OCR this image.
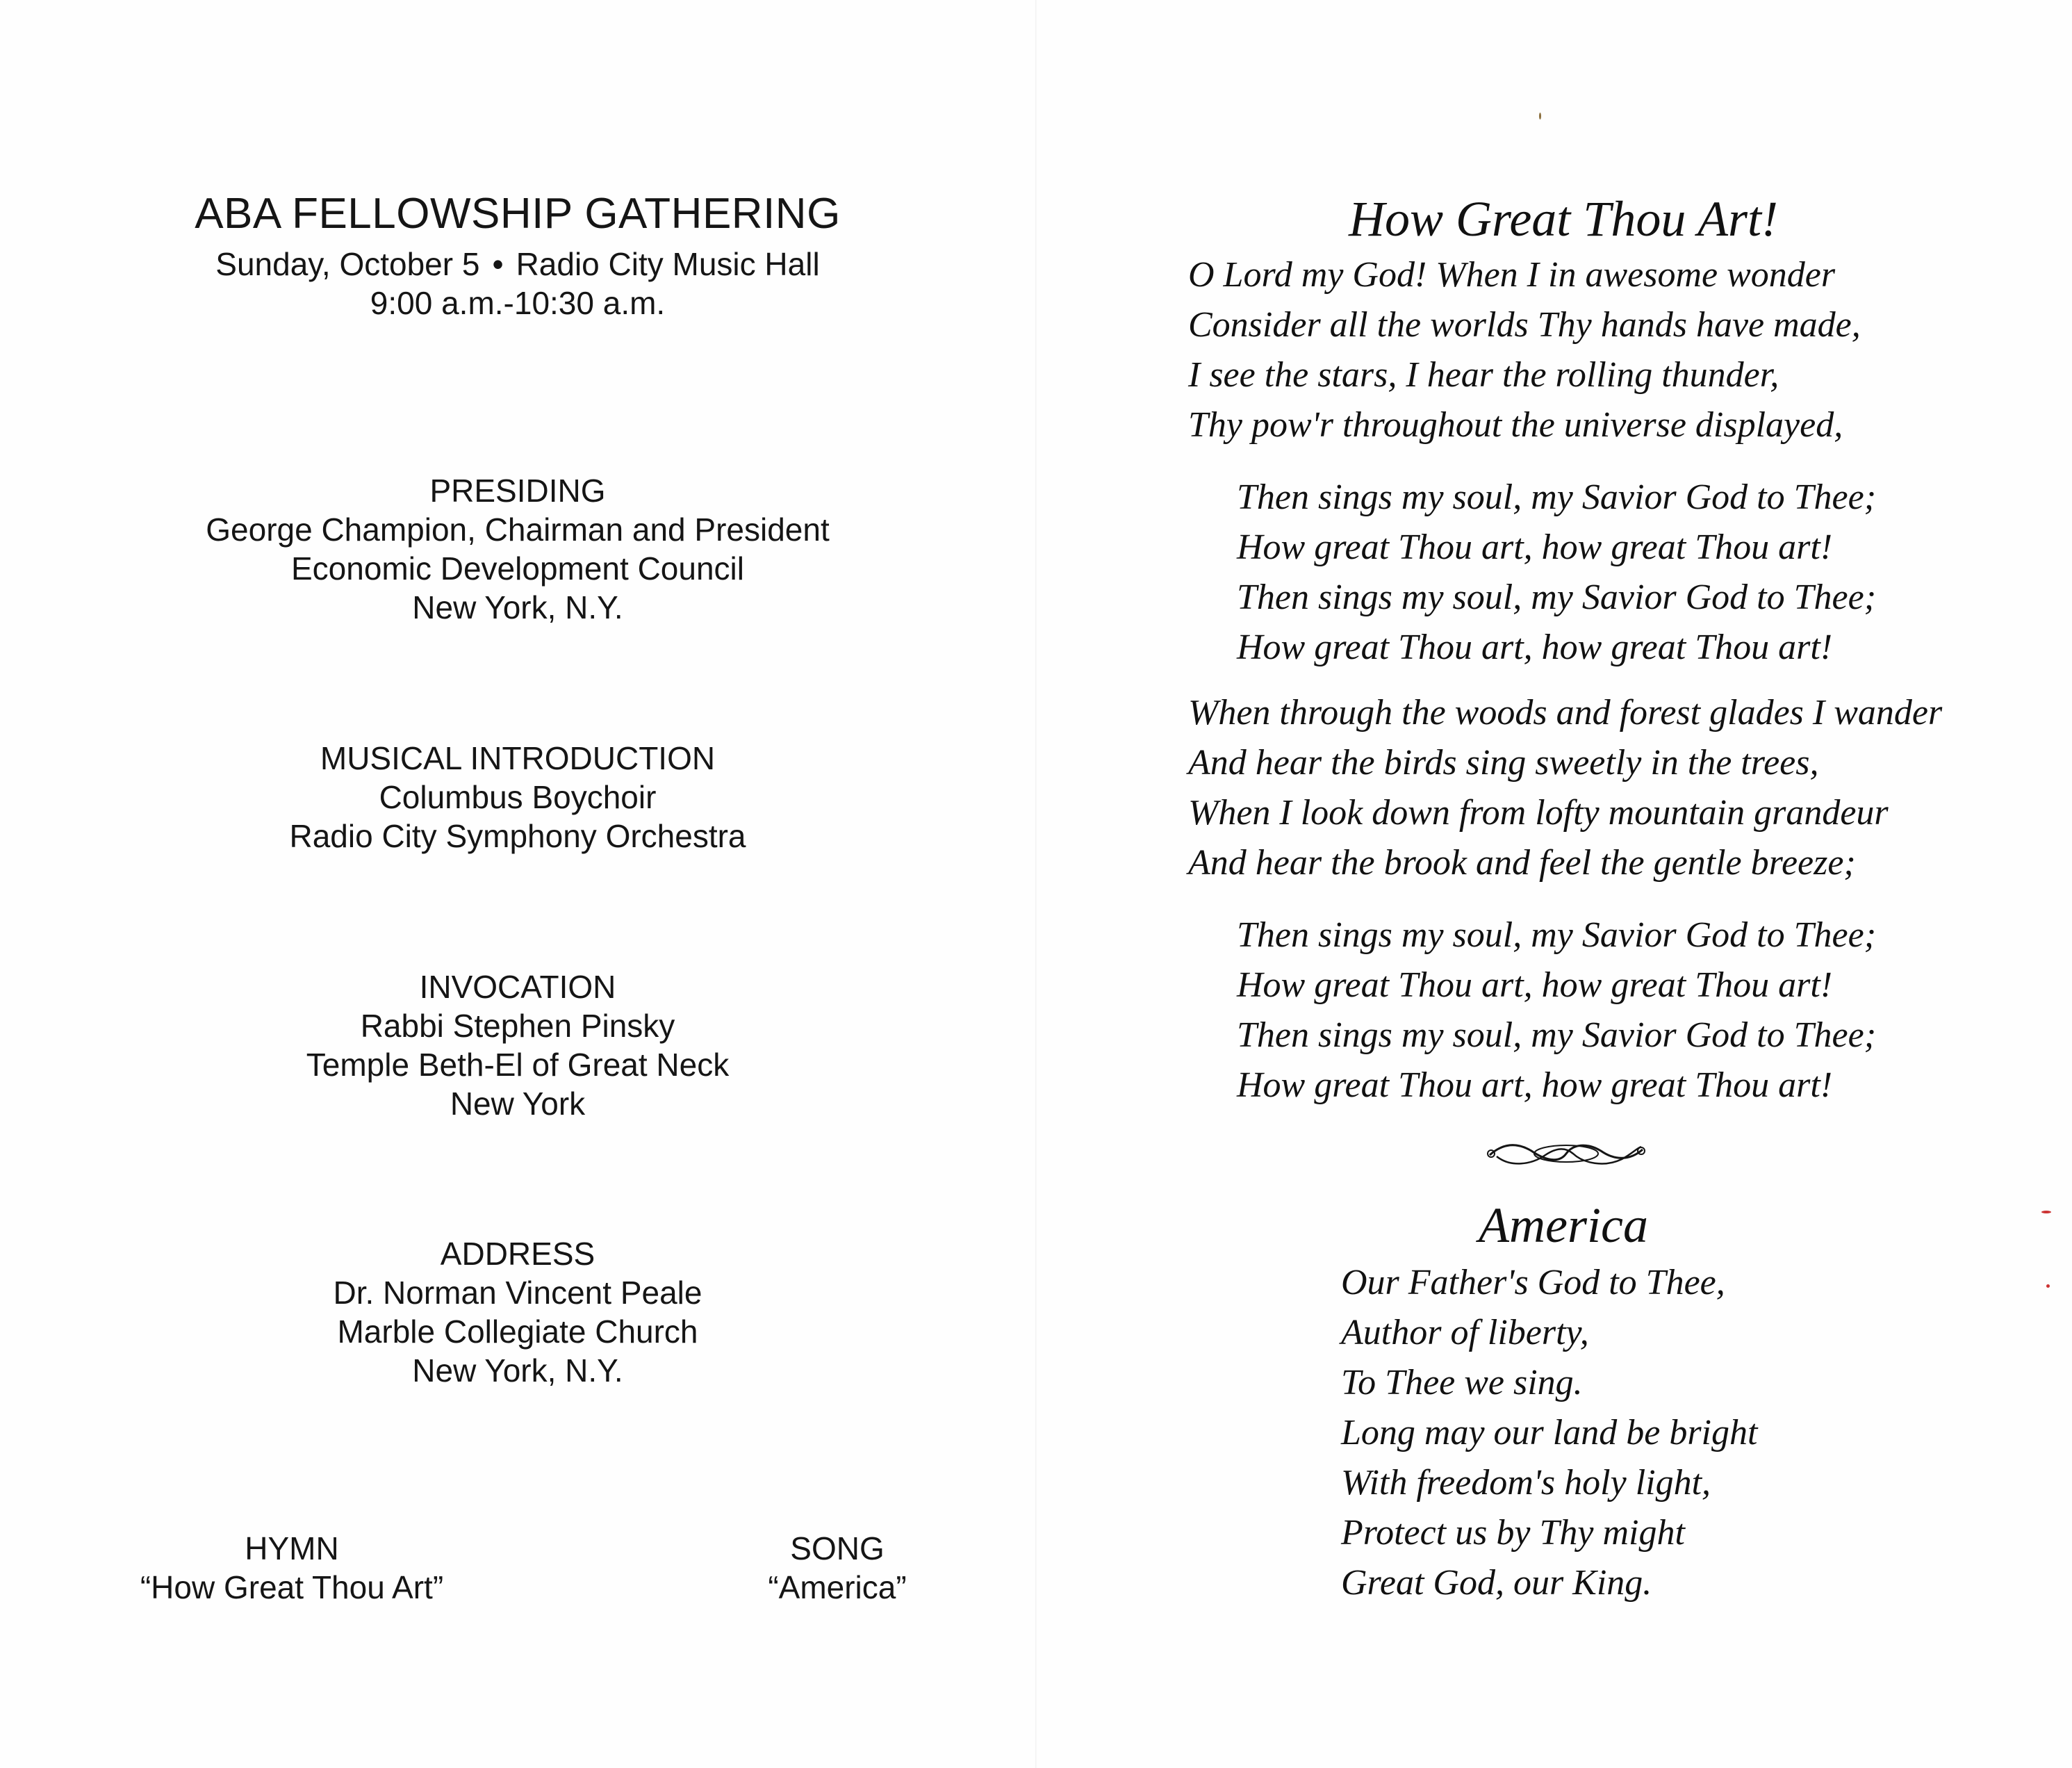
ABA FELLOWSHIP GATHERING
Sunday, October 5 • Radio City Music Hall
9:00 a.m.-10:30 a.m.
PRESIDING
George Champion, Chairman and President
Economic Development Council
New York, N.Y.
MUSICAL INTRODUCTION
Columbus Boychoir
Radio City Symphony Orchestra
INVOCATION
Rabbi Stephen Pinsky
Temple Beth-El of Great Neck
New York
ADDRESS
Dr. Norman Vincent Peale
Marble Collegiate Church
New York, N.Y.
HYMN
“How Great Thou Art”
SONG
“America”
How Great Thou Art!
O Lord my God! When I in awesome wonder
Consider all the worlds Thy hands have made,
I see the stars, I hear the rolling thunder,
Thy pow'r throughout the universe displayed,
Then sings my soul, my Savior God to Thee;
How great Thou art, how great Thou art!
Then sings my soul, my Savior God to Thee;
How great Thou art, how great Thou art!
When through the woods and forest glades I wander
And hear the birds sing sweetly in the trees,
When I look down from lofty mountain grandeur
And hear the brook and feel the gentle breeze;
Then sings my soul, my Savior God to Thee;
How great Thou art, how great Thou art!
Then sings my soul, my Savior God to Thee;
How great Thou art, how great Thou art!
America
Our Father's God to Thee,
Author of liberty,
To Thee we sing.
Long may our land be bright
With freedom's holy light,
Protect us by Thy might
Great God, our King.
